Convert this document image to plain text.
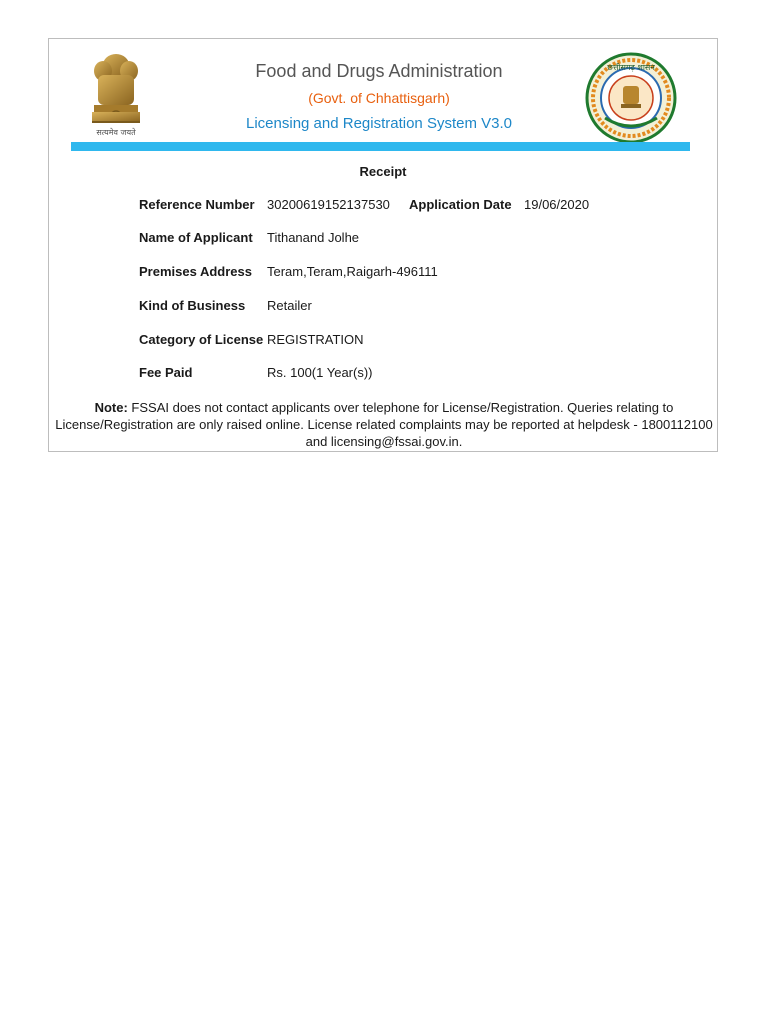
सत्यमेव जयते
Food and Drugs Administration
(Govt. of Chhattisgarh)
Licensing and Registration System V3.0
छत्तीसगढ़ शासन
Receipt
Reference Number 30200619152137530 Application Date 19/06/2020
Name of Applicant Tithanand Jolhe
Premises Address Teram,Teram,Raigarh-496111
Kind of Business Retailer
Category of License REGISTRATION
Fee Paid	Rs. 100(1 Year(s))
Note: FSSAI does not contact applicants over telephone for License/Registration. Queries relating to License/Registration are only raised online. License related complaints may be reported at helpdesk - 1800112100 and licensing@fssai.gov.in.
